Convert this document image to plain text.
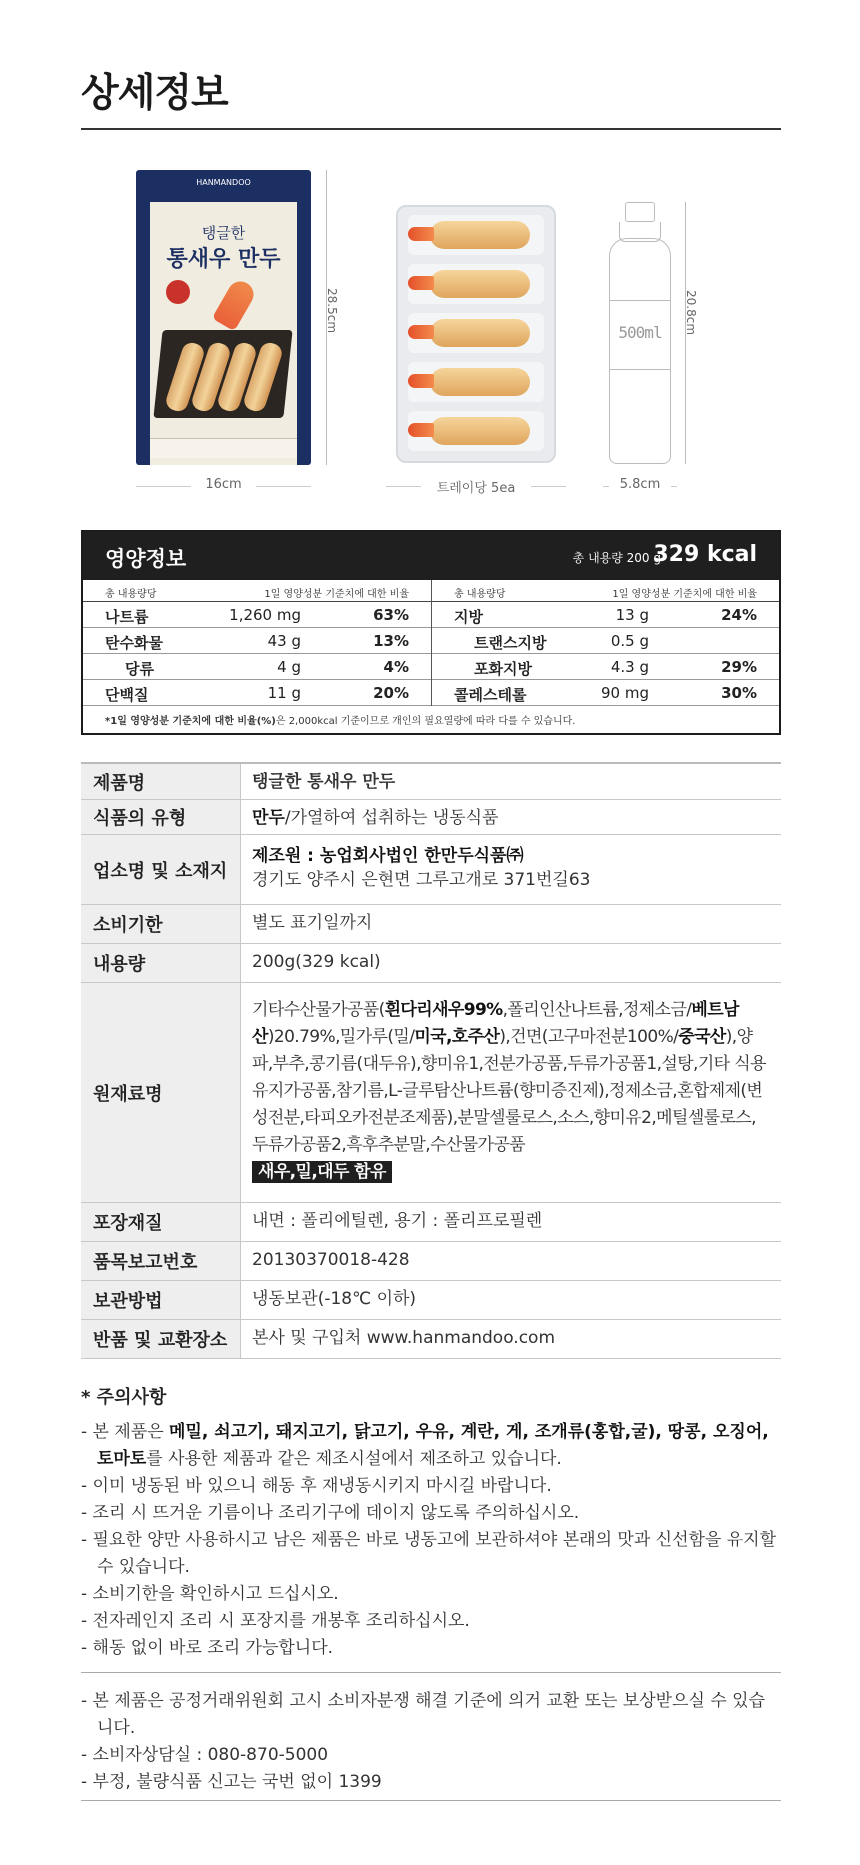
상세정보
HANMANDOO
탱글한
통새우 만두
28.5cm
16cm	트레이당 5ea
500ml	20.8cm
5.8cm
영양정보	총 내용량 200 g
329 kcal
총 내용량당	1일 영양성분 기준치에 대한 비율
나트륨	1,260 mg	63%
탄수화물	43 g	13%
당류	4 g	4%
단백질	11 g	20%
총 내용량당	1일 영양성분 기준치에 대한 비율
지방	13 g	24%
트랜스지방	0.5 g
포화지방	4.3 g	29%
콜레스테롤	90 mg	30%
*1일 영양성분 기준치에 대한 비율(%)은 2,000kcal 기준이므로 개인의 필요열량에 따라 다를 수 있습니다.
제품명	탱글한 통새우 만두
식품의 유형	만두/가열하여 섭취하는 냉동식품
업소명 및 소재지
제조원 : 농업회사법인 한만두식품㈜
경기도 양주시 은현면 그루고개로 371번길63
소비기한	별도 표기일까지
내용량	200g(329 kcal)
원재료명
기타수산물가공품(흰다리새우99%,폴리인산나트륨,정제소금/베트남산)20.79%,밀가루(밀/미국,호주산),건면(고구마전분100%/중국산),양파,부추,콩기름(대두유),향미유1,전분가공품,두류가공품1,설탕,기타 식용유지가공품,참기름,L-글루탐산나트륨(향미증진제),정제소금,혼합제제(변성전분,타피오카전분조제품),분말셀룰로스,소스,향미유2,메틸셀룰로스,두류가공품2,흑후추분말,수산물가공품
새우,밀,대두 함유
포장재질	내면 : 폴리에틸렌, 용기 : 폴리프로필렌
품목보고번호	20130370018-428
보관방법	냉동보관(-18℃ 이하)
반품 및 교환장소	본사 및 구입처 www.hanmandoo.com
* 주의사항
- 본 제품은 메밀, 쇠고기, 돼지고기, 닭고기, 우유, 계란, 게, 조개류(홍합,굴), 땅콩, 오징어, 토마토를 사용한 제품과 같은 제조시설에서 제조하고 있습니다.
- 이미 냉동된 바 있으니 해동 후 재냉동시키지 마시길 바랍니다.
- 조리 시 뜨거운 기름이나 조리기구에 데이지 않도록 주의하십시오.
- 필요한 양만 사용하시고 남은 제품은 바로 냉동고에 보관하셔야 본래의 맛과 신선함을 유지할 수 있습니다.
- 소비기한을 확인하시고 드십시오.
- 전자레인지 조리 시 포장지를 개봉후 조리하십시오.
- 해동 없이 바로 조리 가능합니다.
- 본 제품은 공정거래위원회 고시 소비자분쟁 해결 기준에 의거 교환 또는 보상받으실 수 있습니다.
- 소비자상담실 : 080-870-5000
- 부정, 불량식품 신고는 국번 없이 1399
